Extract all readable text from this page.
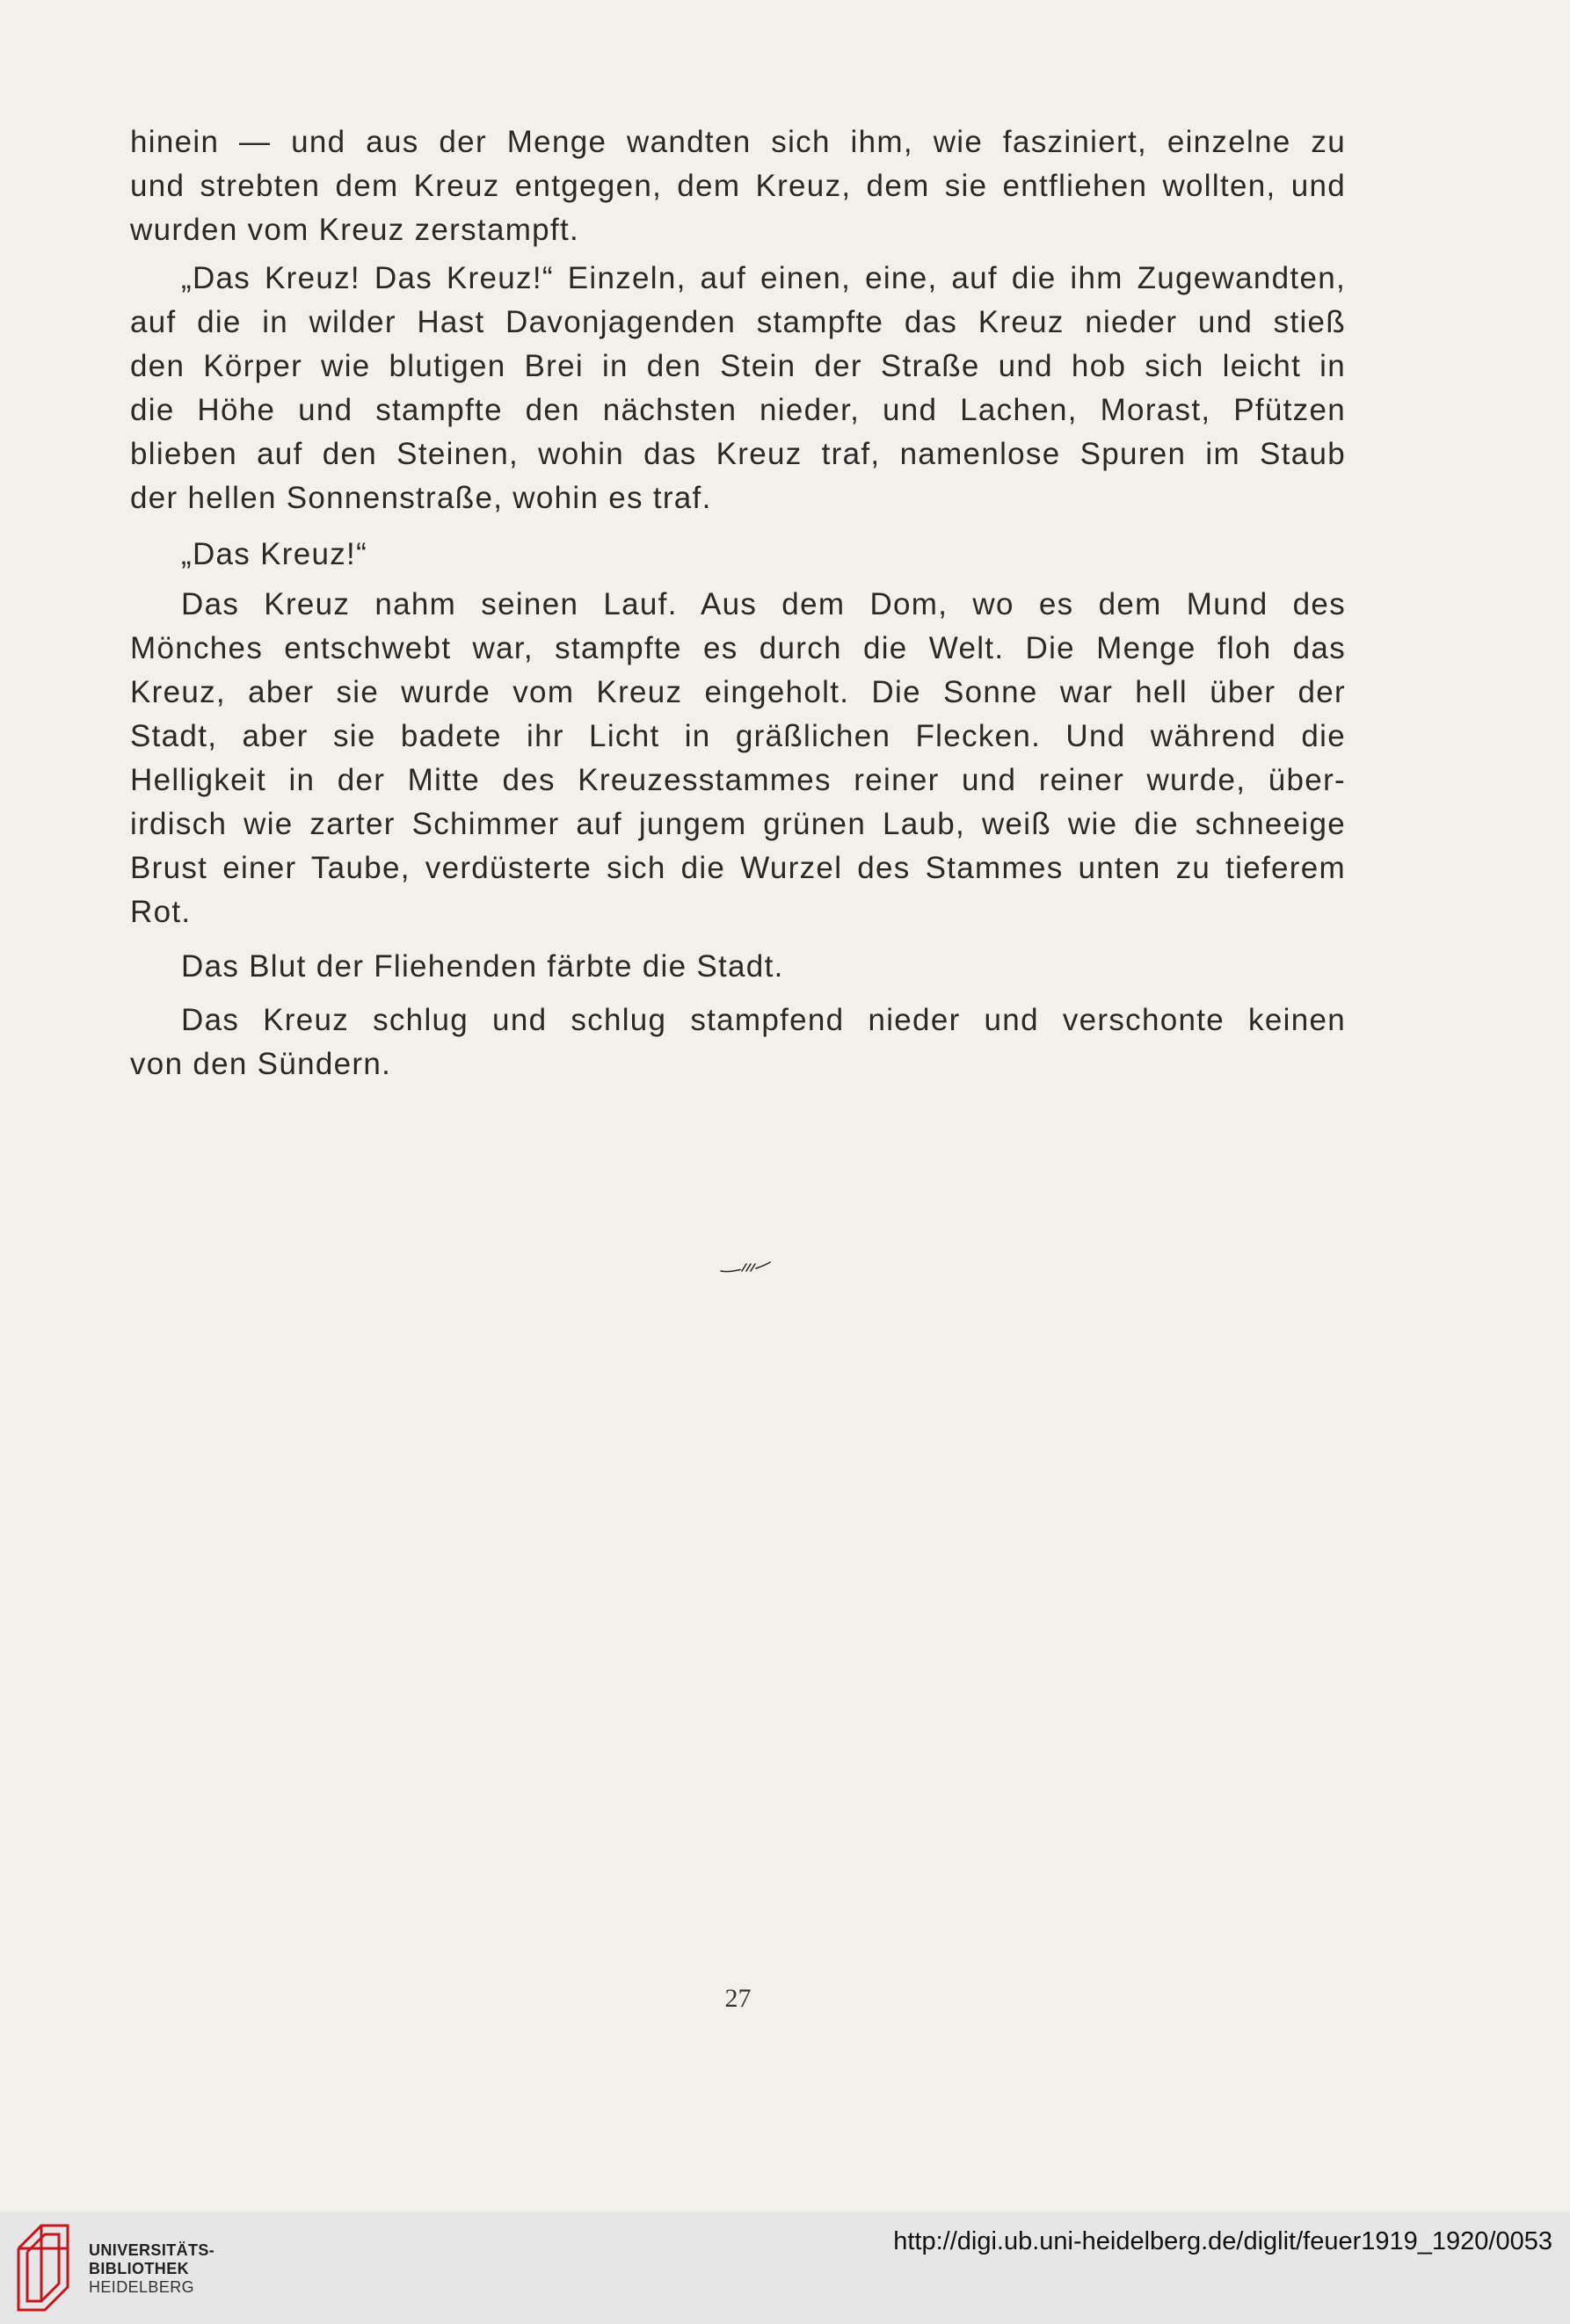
hinein — und aus der Menge wandten sich ihm, wie fasziniert, einzelne zu
und strebten dem Kreuz entgegen, dem Kreuz, dem sie entfliehen wollten, und
wurden vom Kreuz zerstampft.
„Das Kreuz! Das Kreuz!“ Einzeln, auf einen, eine, auf die ihm Zugewandten,
auf die in wilder Hast Davonjagenden stampfte das Kreuz nieder und stieß
den Körper wie blutigen Brei in den Stein der Straße und hob sich leicht in
die Höhe und stampfte den nächsten nieder, und Lachen, Morast, Pfützen
blieben auf den Steinen, wohin das Kreuz traf, namenlose Spuren im Staub
der hellen Sonnenstraße, wohin es traf.
„Das Kreuz!“
Das Kreuz nahm seinen Lauf. Aus dem Dom, wo es dem Mund des
Mönches entschwebt war, stampfte es durch die Welt. Die Menge floh das
Kreuz, aber sie wurde vom Kreuz eingeholt. Die Sonne war hell über der
Stadt, aber sie badete ihr Licht in gräßlichen Flecken. Und während die
Helligkeit in der Mitte des Kreuzesstammes reiner und reiner wurde, über-
irdisch wie zarter Schimmer auf jungem grünen Laub, weiß wie die schneeige
Brust einer Taube, verdüsterte sich die Wurzel des Stammes unten zu tieferem
Rot.
Das Blut der Fliehenden färbte die Stadt.
Das Kreuz schlug und schlug stampfend nieder und verschonte keinen
von den Sündern.
27
UNIVERSITÄTS-
BIBLIOTHEK
HEIDELBERG
http://digi.ub.uni-heidelberg.de/diglit/feuer1919_1920/0053
